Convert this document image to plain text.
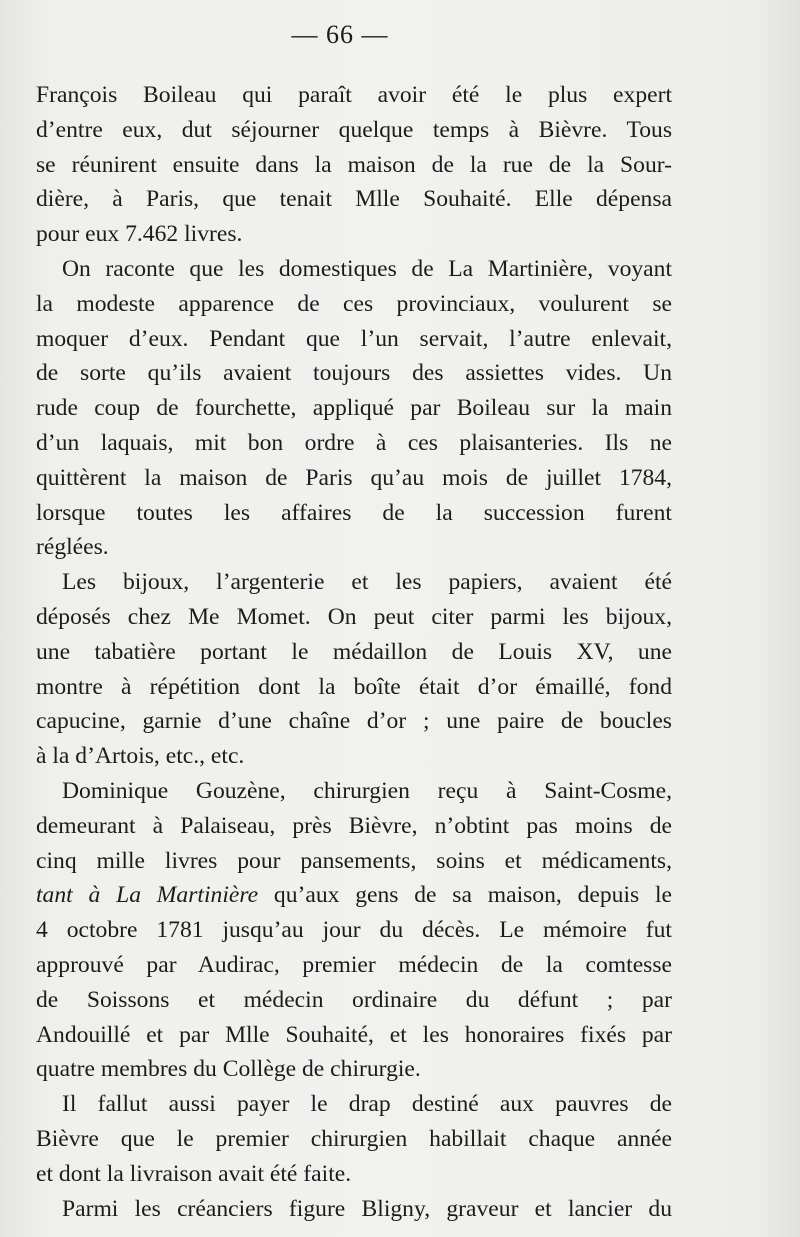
— 66 —
François Boileau qui paraît avoir été le plus expert
d’entre eux, dut séjourner quelque temps à Bièvre. Tous
se réunirent ensuite dans la maison de la rue de la Sour-
dière, à Paris, que tenait Mlle Souhaité. Elle dépensa
pour eux 7.462 livres.
On raconte que les domestiques de La Martinière, voyant
la modeste apparence de ces provinciaux, voulurent se
moquer d’eux. Pendant que l’un servait, l’autre enlevait,
de sorte qu’ils avaient toujours des assiettes vides. Un
rude coup de fourchette, appliqué par Boileau sur la main
d’un laquais, mit bon ordre à ces plaisanteries. Ils ne
quittèrent la maison de Paris qu’au mois de juillet 1784,
lorsque toutes les affaires de la succession furent
réglées.
Les bijoux, l’argenterie et les papiers, avaient été
déposés chez Me Momet. On peut citer parmi les bijoux,
une tabatière portant le médaillon de Louis XV, une
montre à répétition dont la boîte était d’or émaillé, fond
capucine, garnie d’une chaîne d’or ; une paire de boucles
à la d’Artois, etc., etc.
Dominique Gouzène, chirurgien reçu à Saint-Cosme,
demeurant à Palaiseau, près Bièvre, n’obtint pas moins de
cinq mille livres pour pansements, soins et médicaments,
tant à La Martinière qu’aux gens de sa maison, depuis le
4 octobre 1781 jusqu’au jour du décès. Le mémoire fut
approuvé par Audirac, premier médecin de la comtesse
de Soissons et médecin ordinaire du défunt ; par
Andouillé et par Mlle Souhaité, et les honoraires fixés par
quatre membres du Collège de chirurgie.
Il fallut aussi payer le drap destiné aux pauvres de
Bièvre que le premier chirurgien habillait chaque année
et dont la livraison avait été faite.
Parmi les créanciers figure Bligny, graveur et lancier du
